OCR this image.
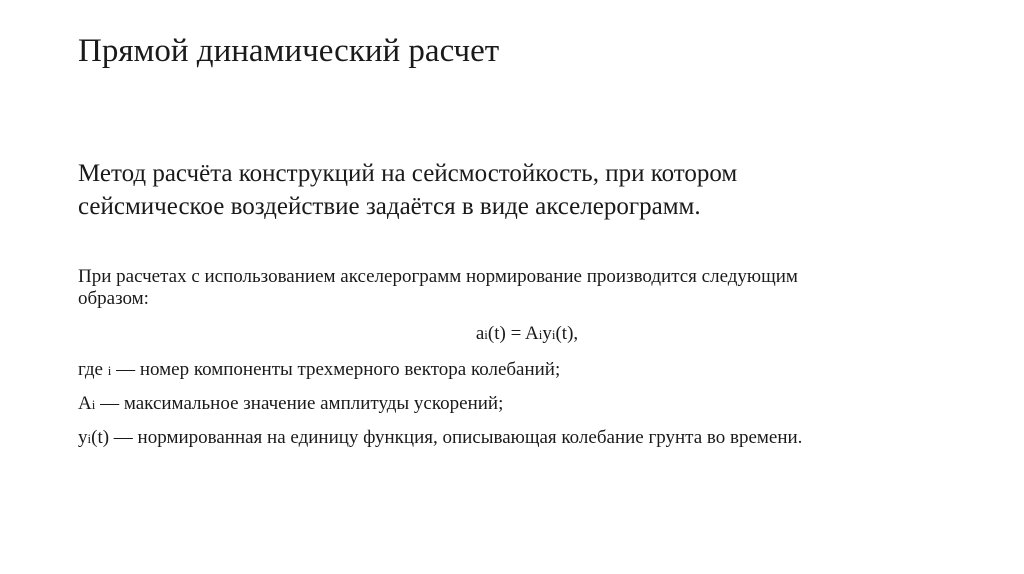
Прямой динамический расчет
Метод расчёта конструкций на сейсмостойкость, при котором
сейсмическое воздействие задаётся в виде акселерограмм.
При расчетах с использованием акселерограмм нормирование производится следующим
образом:
ai(t) = Aiyi(t),
где i — номер компоненты трехмерного вектора колебаний;
Ai — максимальное значение амплитуды ускорений;
yi(t) — нормированная на единицу функция, описывающая колебание грунта во времени.
